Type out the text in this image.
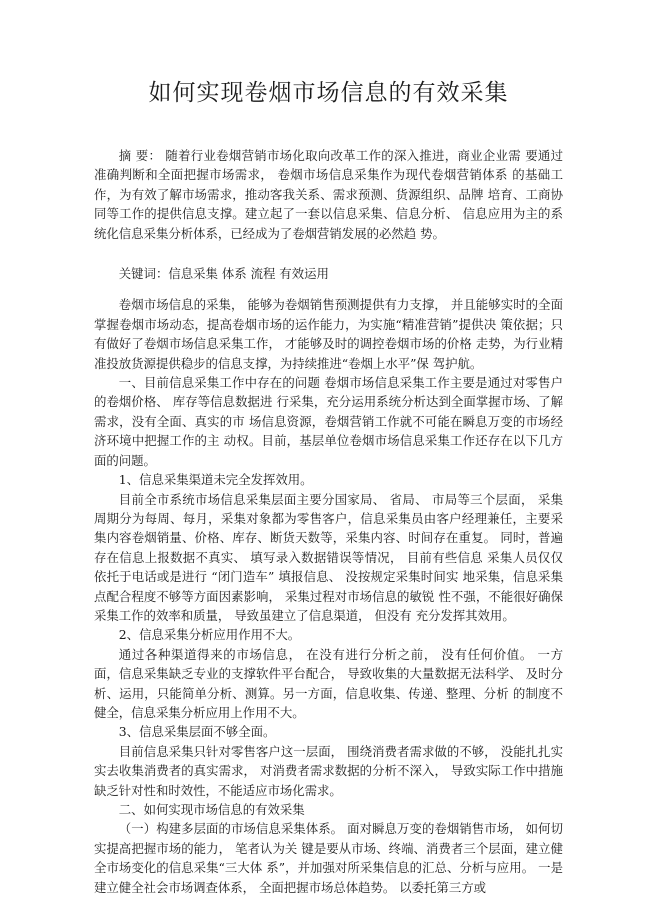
如何实现卷烟市场信息的有效采集

摘 要： 随着行业卷烟营销市场化取向改革工作的深入推进，商业企业需 要通过准确判断和全面把握市场需求， 卷烟市场信息采集作为现代卷烟营销体系 的基础工作，为有效了解市场需求，推动客我关系、需求预测、货源组织、品牌 培育、工商协同等工作的提供信息支撑。建立起了一套以信息采集、信息分析、 信息应用为主的系统化信息采集分析体系，已经成为了卷烟营销发展的必然趋 势。

关键词：信息采集 体系 流程 有效运用

卷烟市场信息的采集， 能够为卷烟销售预测提供有力支撑， 并且能够实时的全面掌握卷烟市场动态，提高卷烟市场的运作能力，为实施“精准营销”提供决 策依据；只有做好了卷烟市场信息采集工作， 才能够及时的调控卷烟市场的价格 走势，为行业精准投放货源提供稳步的信息支撑，为持续推进“卷烟上水平”保 驾护航。

一、目前信息采集工作中存在的问题 卷烟市场信息采集工作主要是通过对零售户的卷烟价格、 库存等信息数据进 行采集，充分运用系统分析达到全面掌握市场、了解需求，没有全面、真实的市 场信息资源，卷烟营销工作就不可能在瞬息万变的市场经济环境中把握工作的主 动权。目前，基层单位卷烟市场信息采集工作还存在以下几方面的问题。

1、信息采集渠道未完全发挥效用。

目前全市系统市场信息采集层面主要分国家局、 省局、 市局等三个层面， 采集周期分为每周、每月，采集对象都为零售客户，信息采集员由客户经理兼任，主要采集内容卷烟销量、价格、库存、断货天数等，采集内容、时间存在重复。 同时，普遍存在信息上报数据不真实、 填写录入数据错误等情况， 目前有些信息 采集人员仅仅依托于电话或是进行 “闭门造车” 填报信息、 没按规定采集时间实 地采集，信息采集点配合程度不够等方面因素影响， 采集过程对市场信息的敏锐 性不强，不能很好确保采集工作的效率和质量， 导致虽建立了信息渠道， 但没有 充分发挥其效用。

2、信息采集分析应用作用不大。

通过各种渠道得来的市场信息， 在没有进行分析之前， 没有任何价值。 一方面，信息采集缺乏专业的支撑软件平台配合， 导致收集的大量数据无法科学、 及时分析、运用，只能简单分析、测算。另一方面，信息收集、传递、整理、分析 的制度不健全，信息采集分析应用上作用不大。

3、信息采集层面不够全面。

目前信息采集只针对零售客户这一层面， 围绕消费者需求做的不够， 没能扎扎实实去收集消费者的真实需求， 对消费者需求数据的分析不深入， 导致实际工作中措施缺乏针对性和时效性，不能适应市场化需求。

二、如何实现市场信息的有效采集

（一）构建多层面的市场信息采集体系。 面对瞬息万变的卷烟销售市场， 如何切实提高把握市场的能力， 笔者认为关 键是要从市场、终端、消费者三个层面，建立健全市场变化的信息采集“三大体 系”，并加强对所采集信息的汇总、分析与应用。 一是建立健全社会市场调查体系， 全面把握市场总体趋势。 以委托第三方或
